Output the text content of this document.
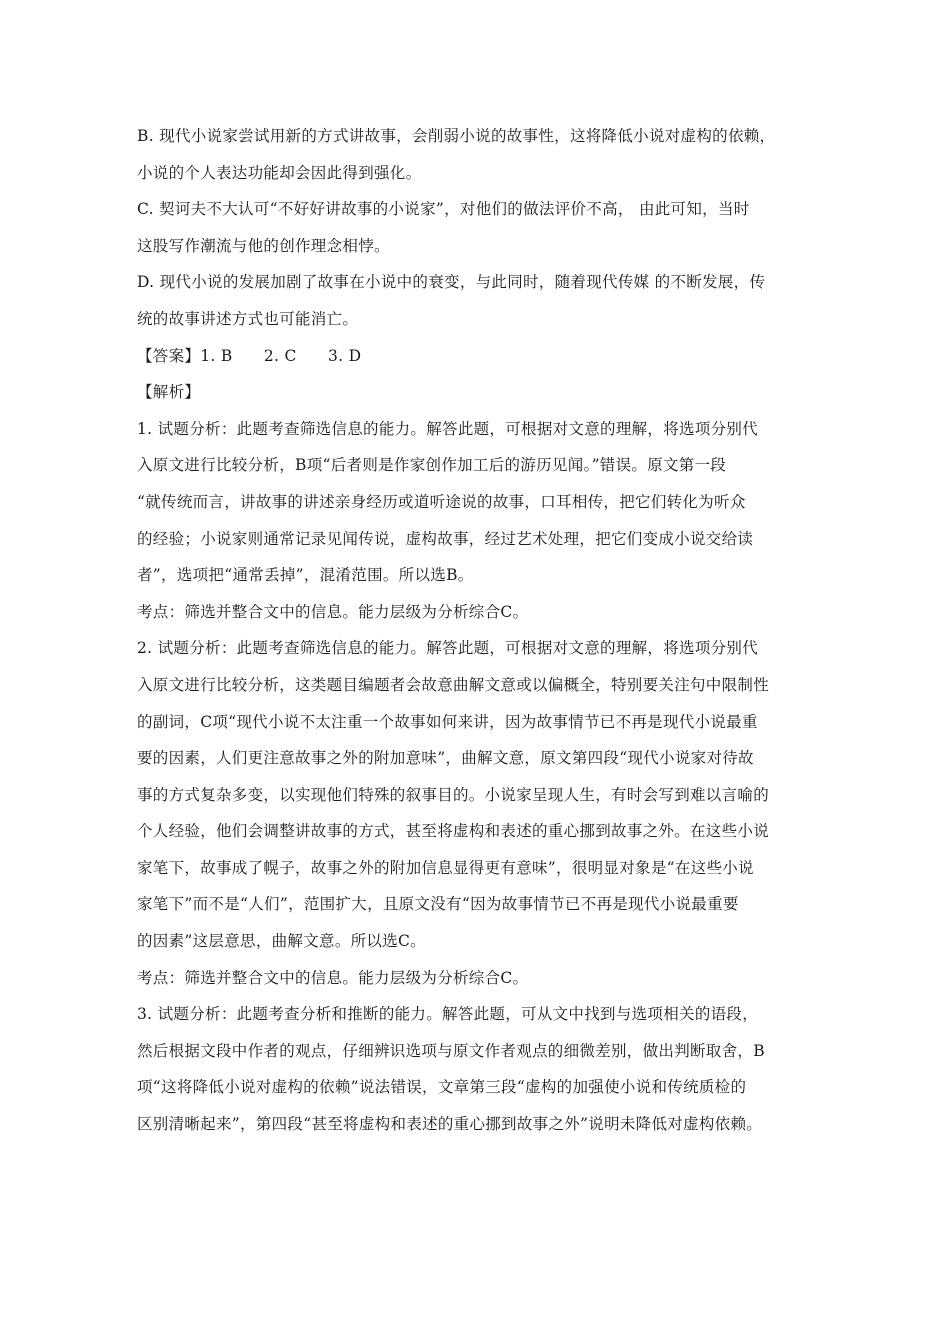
B. 现代小说家尝试用新的方式讲故事，会削弱小说的故事性，这将降低小说对虚构的依赖，
小说的个人表达功能却会因此得到强化。
C. 契诃夫不大认可“不好好讲故事的小说家”，对他们的做法评价不高， 由此可知，当时
这股写作潮流与他的创作理念相悖。
D. 现代小说的发展加剧了故事在小说中的衰变，与此同时，随着现代传媒 的不断发展，传
统的故事讲述方式也可能消亡。
【答案】1. B      2. C      3. D
【解析】
1. 试题分析：此题考查筛选信息的能力。解答此题，可根据对文意的理解，将选项分别代
入原文进行比较分析，B项“后者则是作家创作加工后的游历见闻。”错误。原文第一段
“就传统而言，讲故事的讲述亲身经历或道听途说的故事，口耳相传，把它们转化为听众
的经验；小说家则通常记录见闻传说，虚构故事，经过艺术处理，把它们变成小说交给读
者”，选项把“通常丢掉”，混淆范围。所以选B。
考点：筛选并整合文中的信息。能力层级为分析综合C。
2. 试题分析：此题考查筛选信息的能力。解答此题，可根据对文意的理解，将选项分别代
入原文进行比较分析，这类题目编题者会故意曲解文意或以偏概全，特别要关注句中限制性
的副词，C项“现代小说不太注重一个故事如何来讲，因为故事情节已不再是现代小说最重
要的因素，人们更注意故事之外的附加意味”，曲解文意，原文第四段“现代小说家对待故
事的方式复杂多变，以实现他们特殊的叙事目的。小说家呈现人生，有时会写到难以言喻的
个人经验，他们会调整讲故事的方式，甚至将虚构和表述的重心挪到故事之外。在这些小说
家笔下，故事成了幌子，故事之外的附加信息显得更有意味”，很明显对象是“在这些小说
家笔下”而不是“人们”，范围扩大，且原文没有“因为故事情节已不再是现代小说最重要
的因素”这层意思，曲解文意。所以选C。
考点：筛选并整合文中的信息。能力层级为分析综合C。
3. 试题分析：此题考查分析和推断的能力。解答此题，可从文中找到与选项相关的语段，
然后根据文段中作者的观点，仔细辨识选项与原文作者观点的细微差别，做出判断取舍，B
项“这将降低小说对虚构的依赖”说法错误，文章第三段“虚构的加强使小说和传统质检的
区别清晰起来”，第四段“甚至将虚构和表述的重心挪到故事之外”说明未降低对虚构依赖。
